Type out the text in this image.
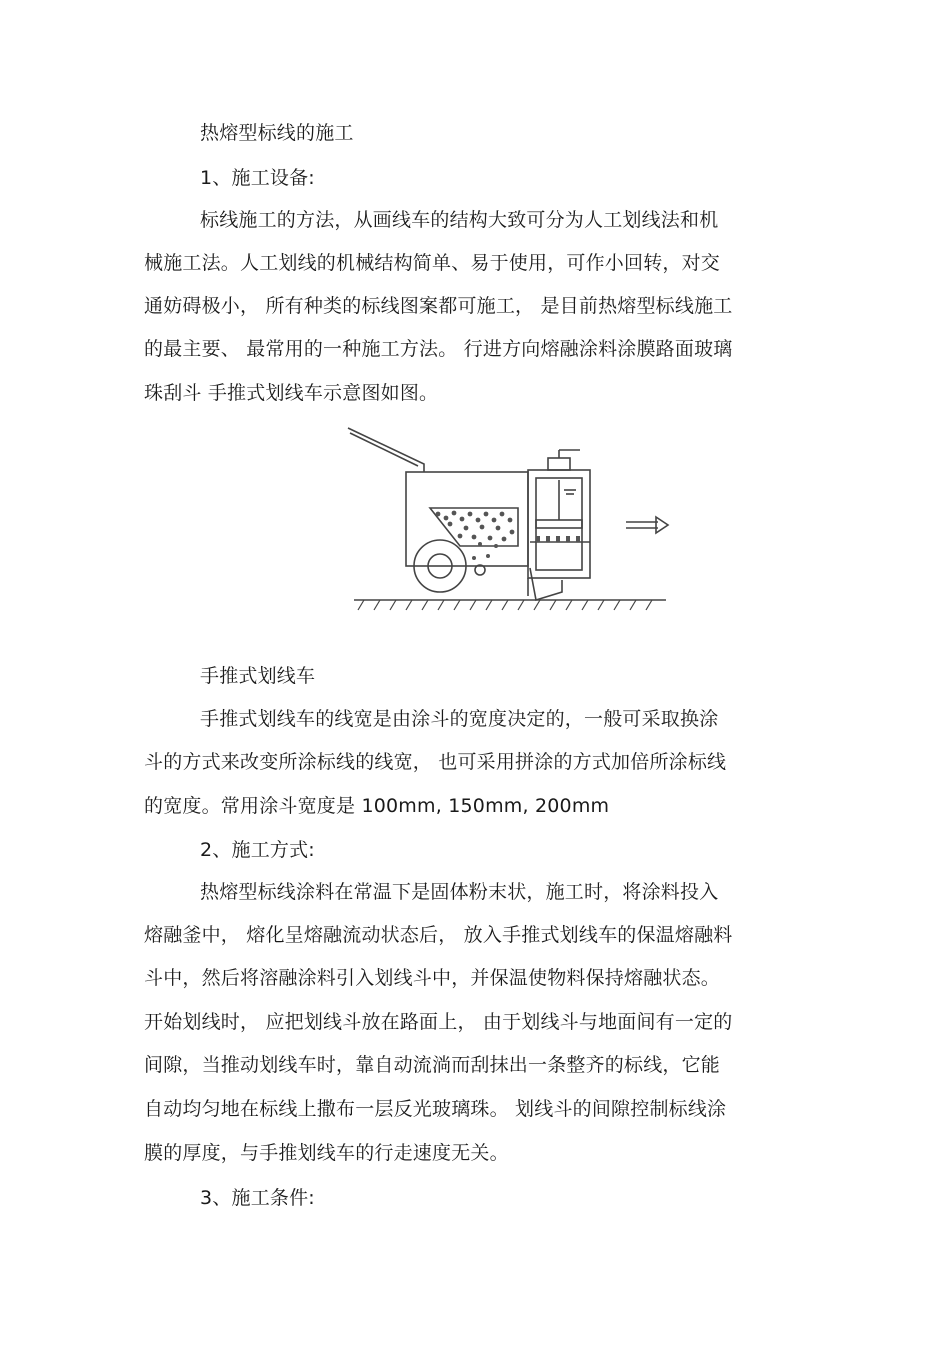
热熔型标线的施工
1、施工设备:
标线施工的方法，从画线车的结构大致可分为人工划线法和机
械施工法。人工划线的机械结构简单、易于使用，可作小回转，对交
通妨碍极小， 所有种类的标线图案都可施工， 是目前热熔型标线施工
的最主要、 最常用的一种施工方法。 行进方向熔融涂料涂膜路面玻璃
珠刮斗 手推式划线车示意图如图。
手推式划线车
手推式划线车的线宽是由涂斗的宽度决定的，一般可采取换涂
斗的方式来改变所涂标线的线宽， 也可采用拼涂的方式加倍所涂标线
的宽度。常用涂斗宽度是 100mm, 150mm, 200mm
2、施工方式:
热熔型标线涂料在常温下是固体粉末状，施工时，将涂料投入
熔融釜中， 熔化呈熔融流动状态后， 放入手推式划线车的保温熔融料
斗中，然后将溶融涂料引入划线斗中，并保温使物料保持熔融状态。
开始划线时， 应把划线斗放在路面上， 由于划线斗与地面间有一定的
间隙，当推动划线车时，靠自动流淌而刮抹出一条整齐的标线，它能
自动均匀地在标线上撒布一层反光玻璃珠。 划线斗的间隙控制标线涂
膜的厚度，与手推划线车的行走速度无关。
3、施工条件:
